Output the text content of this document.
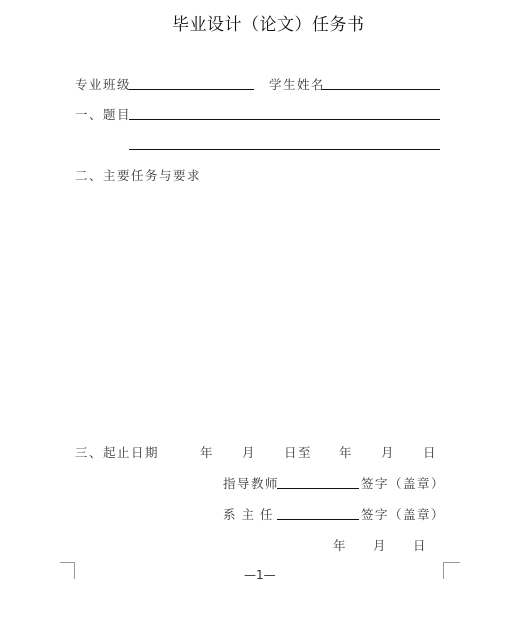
毕业设计（论文）任务书
专业班级	学生姓名
一、题目
二、主要任务与要求
三、起止日期	年 月 日至 年 月 日
指导教师	签字（盖章）
系 主 任	签字（盖章）
年 月 日
—1—
